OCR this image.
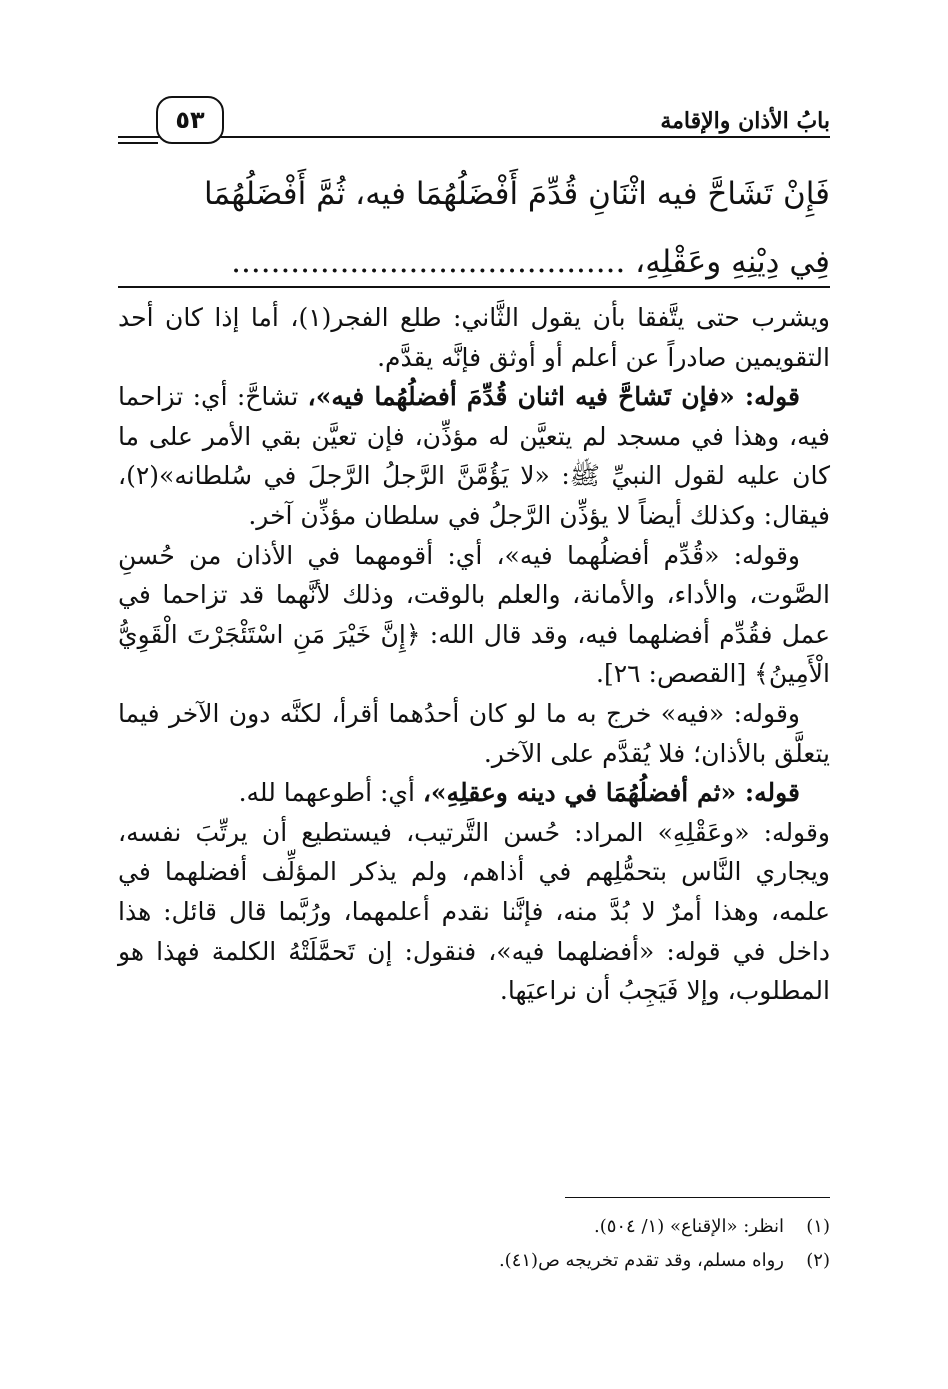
بابُ الأذان والإقامة
٥٣
فَإِنْ تَشَاحَّ فيه اثْنَانِ قُدِّمَ أَفْضَلُهُمَا فيه، ثُمَّ أَفْضَلُهُمَا
فِي دِيْنِهِ وعَقْلِهِ، ........................................

ويشرب حتى يتَّفقا بأن يقول الثَّاني: طلع الفجر(١)، أما إذا كان أحد التقويمين صادراً عن أعلم أو أوثق فإنَّه يقدَّم.

قوله: «فإن تَشاحَّ فيه اثنان قُدِّمَ أفضلُهُما فيه»، تشاحَّ: أي: تزاحما فيه، وهذا في مسجد لم يتعيَّن له مؤذِّن، فإن تعيَّن بقي الأمر على ما كان عليه لقول النبيِّ ﷺ: «لا يَؤُمَّنَّ الرَّجلُ الرَّجلَ في سُلطانه»(٢)، فيقال: وكذلك أيضاً لا يؤذِّن الرَّجلُ في سلطان مؤذِّن آخر.

وقوله: «قُدِّم أفضلُهما فيه»، أي: أقومهما في الأذان من حُسنِ الصَّوت، والأداء، والأمانة، والعلم بالوقت، وذلك لأنَّهما قد تزاحما في عمل فقُدِّم أفضلهما فيه، وقد قال الله: ﴿إِنَّ خَيْرَ مَنِ اسْتَئْجَرْتَ الْقَوِيُّ الْأَمِينُ﴾ [القصص: ٢٦].

وقوله: «فيه» خرج به ما لو كان أحدُهما أقرأ، لكنَّه دون الآخر فيما يتعلَّق بالأذان؛ فلا يُقدَّم على الآخر.

قوله: «ثم أفضلُهُمَا في دينه وعقلِهِ»، أي: أطوعهما لله.

وقوله: «وعَقْلِهِ» المراد: حُسن التَّرتيب، فيستطيع أن يرتِّبَ نفسه، ويجاري النَّاس بتحمُّلِهم في أذاهم، ولم يذكر المؤلِّف أفضلهما في علمه، وهذا أمرٌ لا بُدَّ منه، فإنَّنا نقدم أعلمهما، ورُبَّما قال قائل: هذا داخل في قوله: «أفضلهما فيه»، فنقول: إن تَحمَّلَتْهُ الكلمة فهذا هو المطلوب، وإلا فَيَجِبُ أن نراعيَها.

(١)انظر: «الإقناع» (١/ ٥٠٤).
(٢)رواه مسلم، وقد تقدم تخريجه ص(٤١).
